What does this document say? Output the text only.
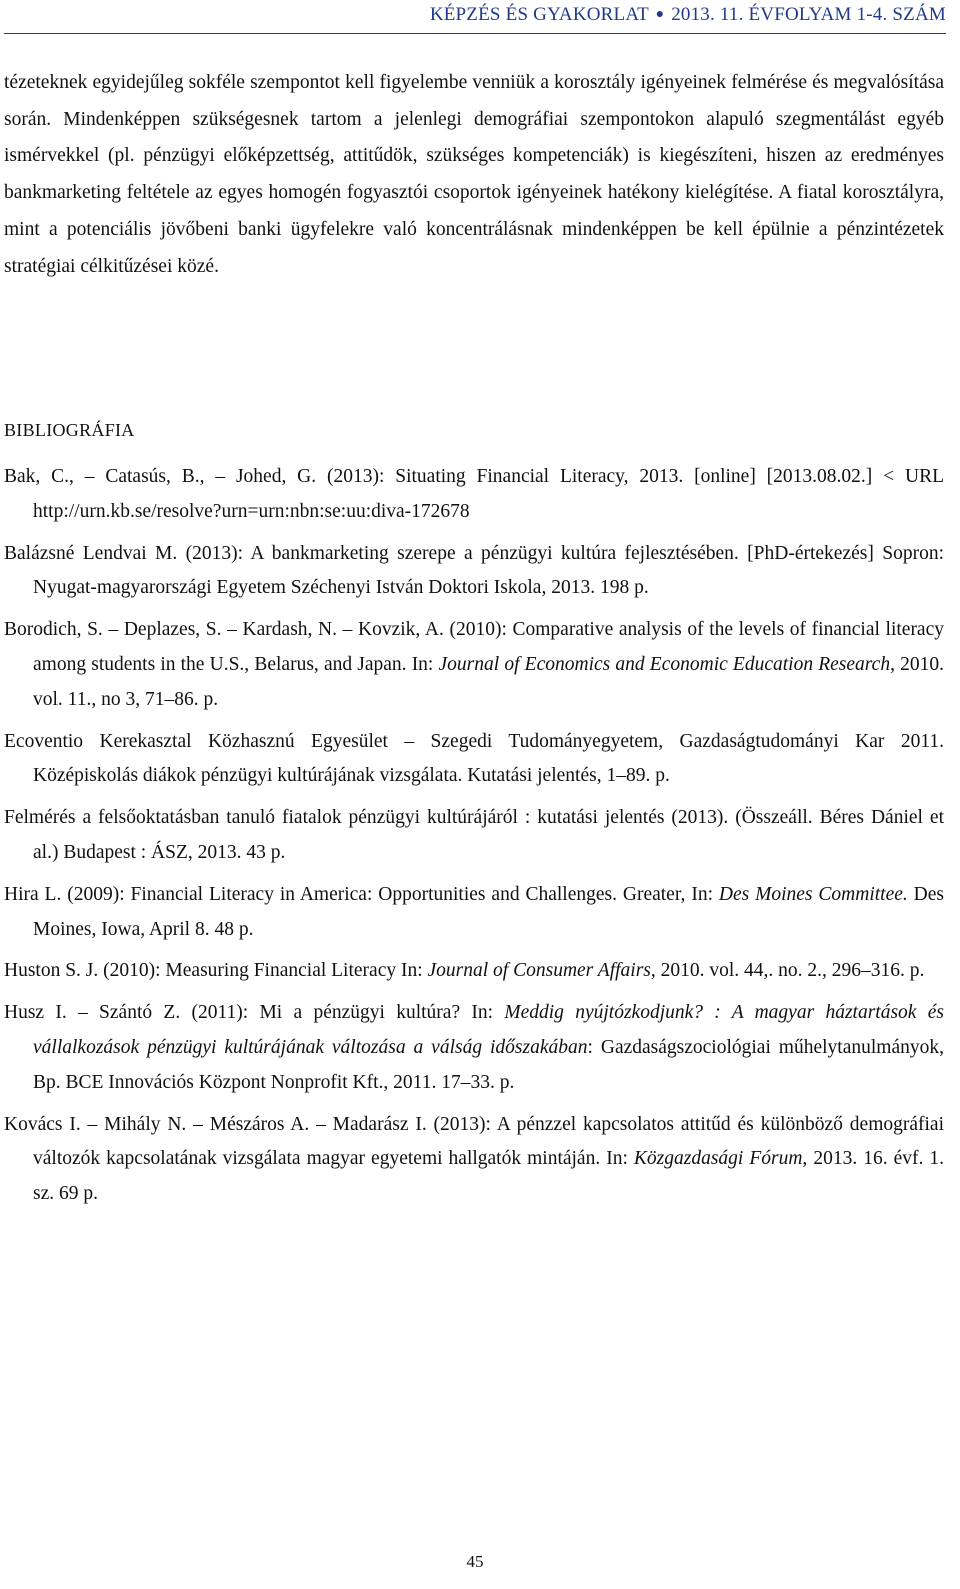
KÉPZÉS ÉS GYAKORLAT ● 2013. 11. ÉVFOLYAM 1-4. SZÁM

tézeteknek egyidejűleg sokféle szempontot kell figyelembe venniük a korosztály igényeinek felmérése és megvalósítása során. Mindenképpen szükségesnek tartom a jelenlegi demográfiai szempontokon alapuló szegmentálást egyéb ismérvekkel (pl. pénzügyi előképzettség, attitűdök, szükséges kompetenciák) is kiegészíteni, hiszen az eredményes bankmarketing feltétele az egyes homogén fogyasztói csoportok igényeinek hatékony kielégítése. A fiatal korosztályra, mint a potenciális jövőbeni banki ügyfelekre való koncentrálásnak mindenképpen be kell épülnie a pénzintézetek stratégiai célkitűzései közé.

BIBLIOGRÁFIA

Bak, C., ‒ Catasús, B., ‒ Johed, G. (2013): Situating Financial Literacy, 2013. [online] [2013.08.02.] < URL http://urn.kb.se/resolve?urn=urn:nbn:se:uu:diva-172678

Balázsné Lendvai M. (2013): A bankmarketing szerepe a pénzügyi kultúra fejlesztésében. [PhD-értekezés] Sopron: Nyugat-magyarországi Egyetem Széchenyi István Doktori Iskola, 2013. 198 p.

Borodich, S. ‒ Deplazes, S. ‒ Kardash, N. ‒ Kovzik, A. (2010): Comparative analysis of the levels of financial literacy among students in the U.S., Belarus, and Japan. In: Journal of Economics and Economic Education Research, 2010. vol. 11., no 3, 71‒86. p.

Ecoventio Kerekasztal Közhasznú Egyesület ‒ Szegedi Tudományegyetem, Gazdaságtudományi Kar 2011. Középiskolás diákok pénzügyi kultúrájának vizsgálata. Kutatási jelentés, 1‒89. p.

Felmérés a felsőoktatásban tanuló fiatalok pénzügyi kultúrájáról : kutatási jelentés (2013). (Összeáll. Béres Dániel et al.) Budapest : ÁSZ, 2013. 43 p.

Hira L. (2009): Financial Literacy in America: Opportunities and Challenges. Greater, In: Des Moines Committee. Des Moines, Iowa, April 8. 48 p.

Huston S. J. (2010): Measuring Financial Literacy In: Journal of Consumer Affairs, 2010. vol. 44,. no. 2., 296‒316. p.

Husz I. ‒ Szántó Z. (2011): Mi a pénzügyi kultúra? In: Meddig nyújtózkodjunk? : A magyar háztartások és vállalkozások pénzügyi kultúrájának változása a válság időszakában: Gazdaságszociológiai műhelytanulmányok, Bp. BCE Innovációs Központ Nonprofit Kft., 2011. 17‒33. p.

Kovács I. ‒ Mihály N. ‒ Mészáros A. ‒ Madarász I. (2013): A pénzzel kapcsolatos attitűd és különböző demográfiai változók kapcsolatának vizsgálata magyar egyetemi hallgatók mintáján. In: Közgazdasági Fórum, 2013. 16. évf. 1. sz. 69 p.

45
